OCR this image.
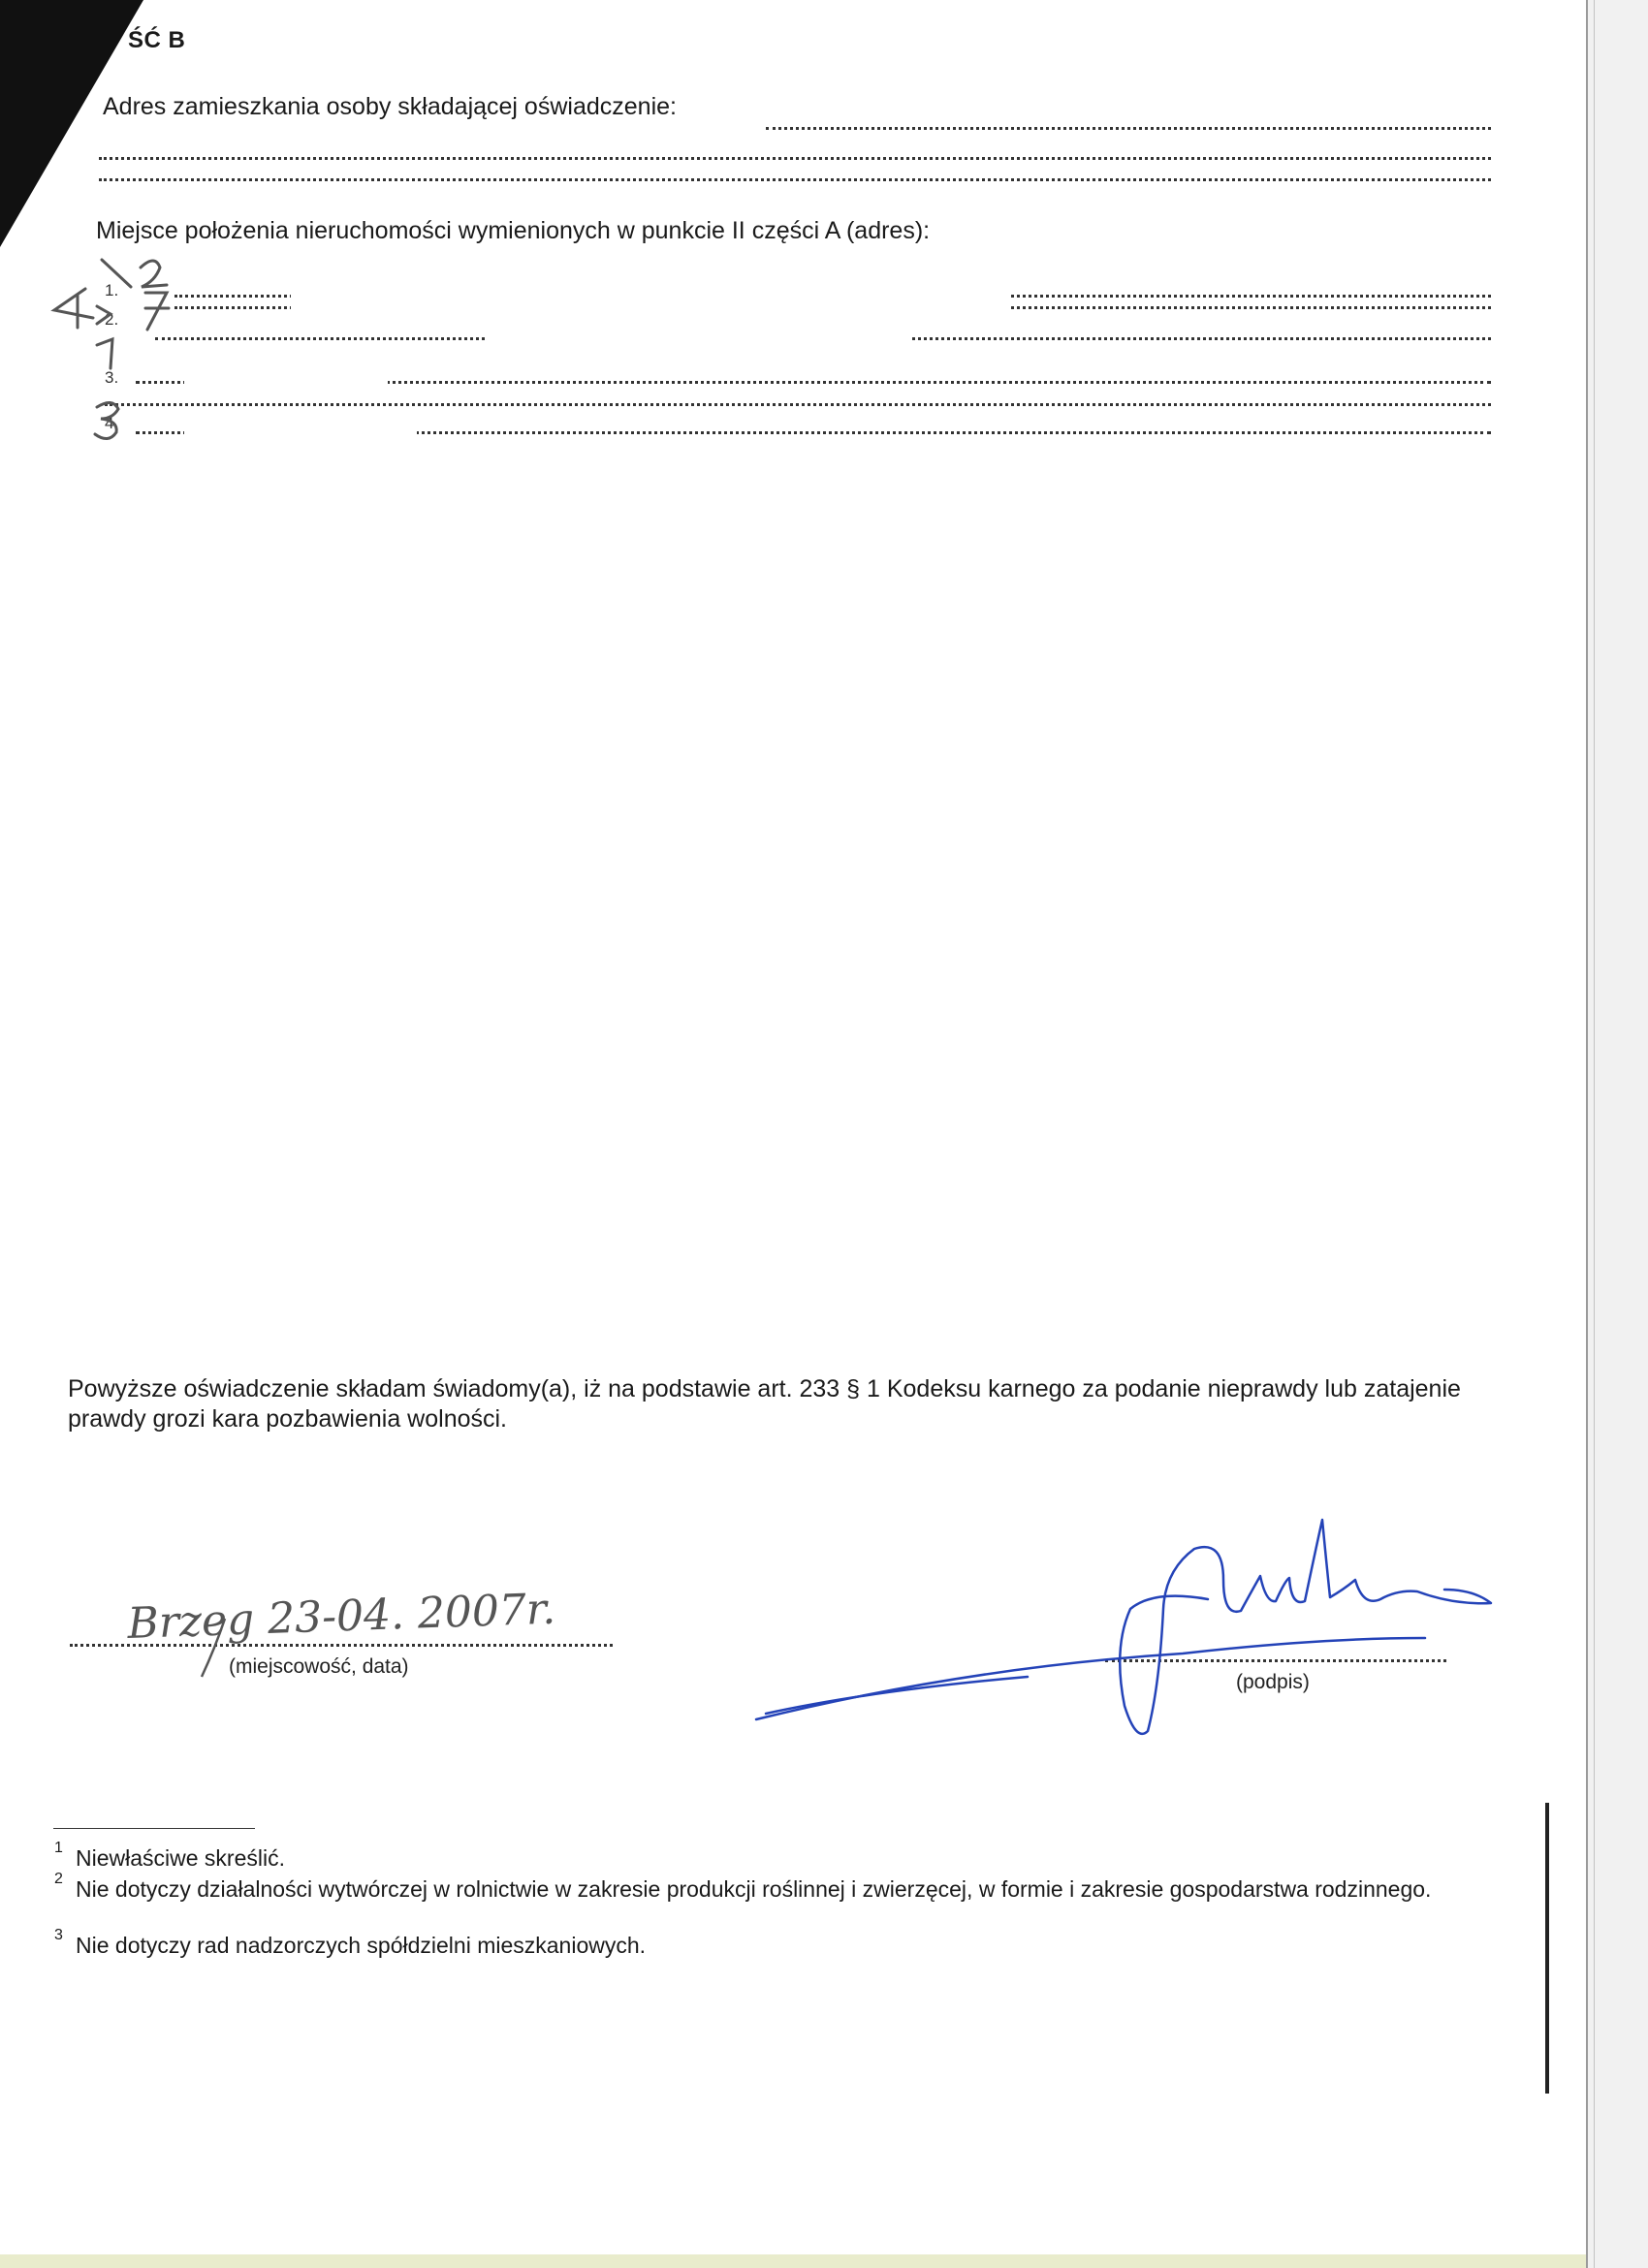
ŚĆ B
Adres zamieszkania osoby składającej oświadczenie:
Miejsce położenia nieruchomości wymienionych w punkcie II części A (adres):
1.
2.
3.
4.
Powyższe oświadczenie składam świadomy(a), iż na podstawie art. 233 § 1 Kodeksu karnego za podanie nieprawdy lub zatajenie prawdy grozi kara pozbawienia wolności.
Brzeg 23-04. 2007r.
(miejscowość, data)
(podpis)
1 Niewłaściwe skreślić.
2 Nie dotyczy działalności wytwórczej w rolnictwie w zakresie produkcji roślinnej i zwierzęcej, w formie i zakresie gospodarstwa rodzinnego.
3 Nie dotyczy rad nadzorczych spółdzielni mieszkaniowych.
